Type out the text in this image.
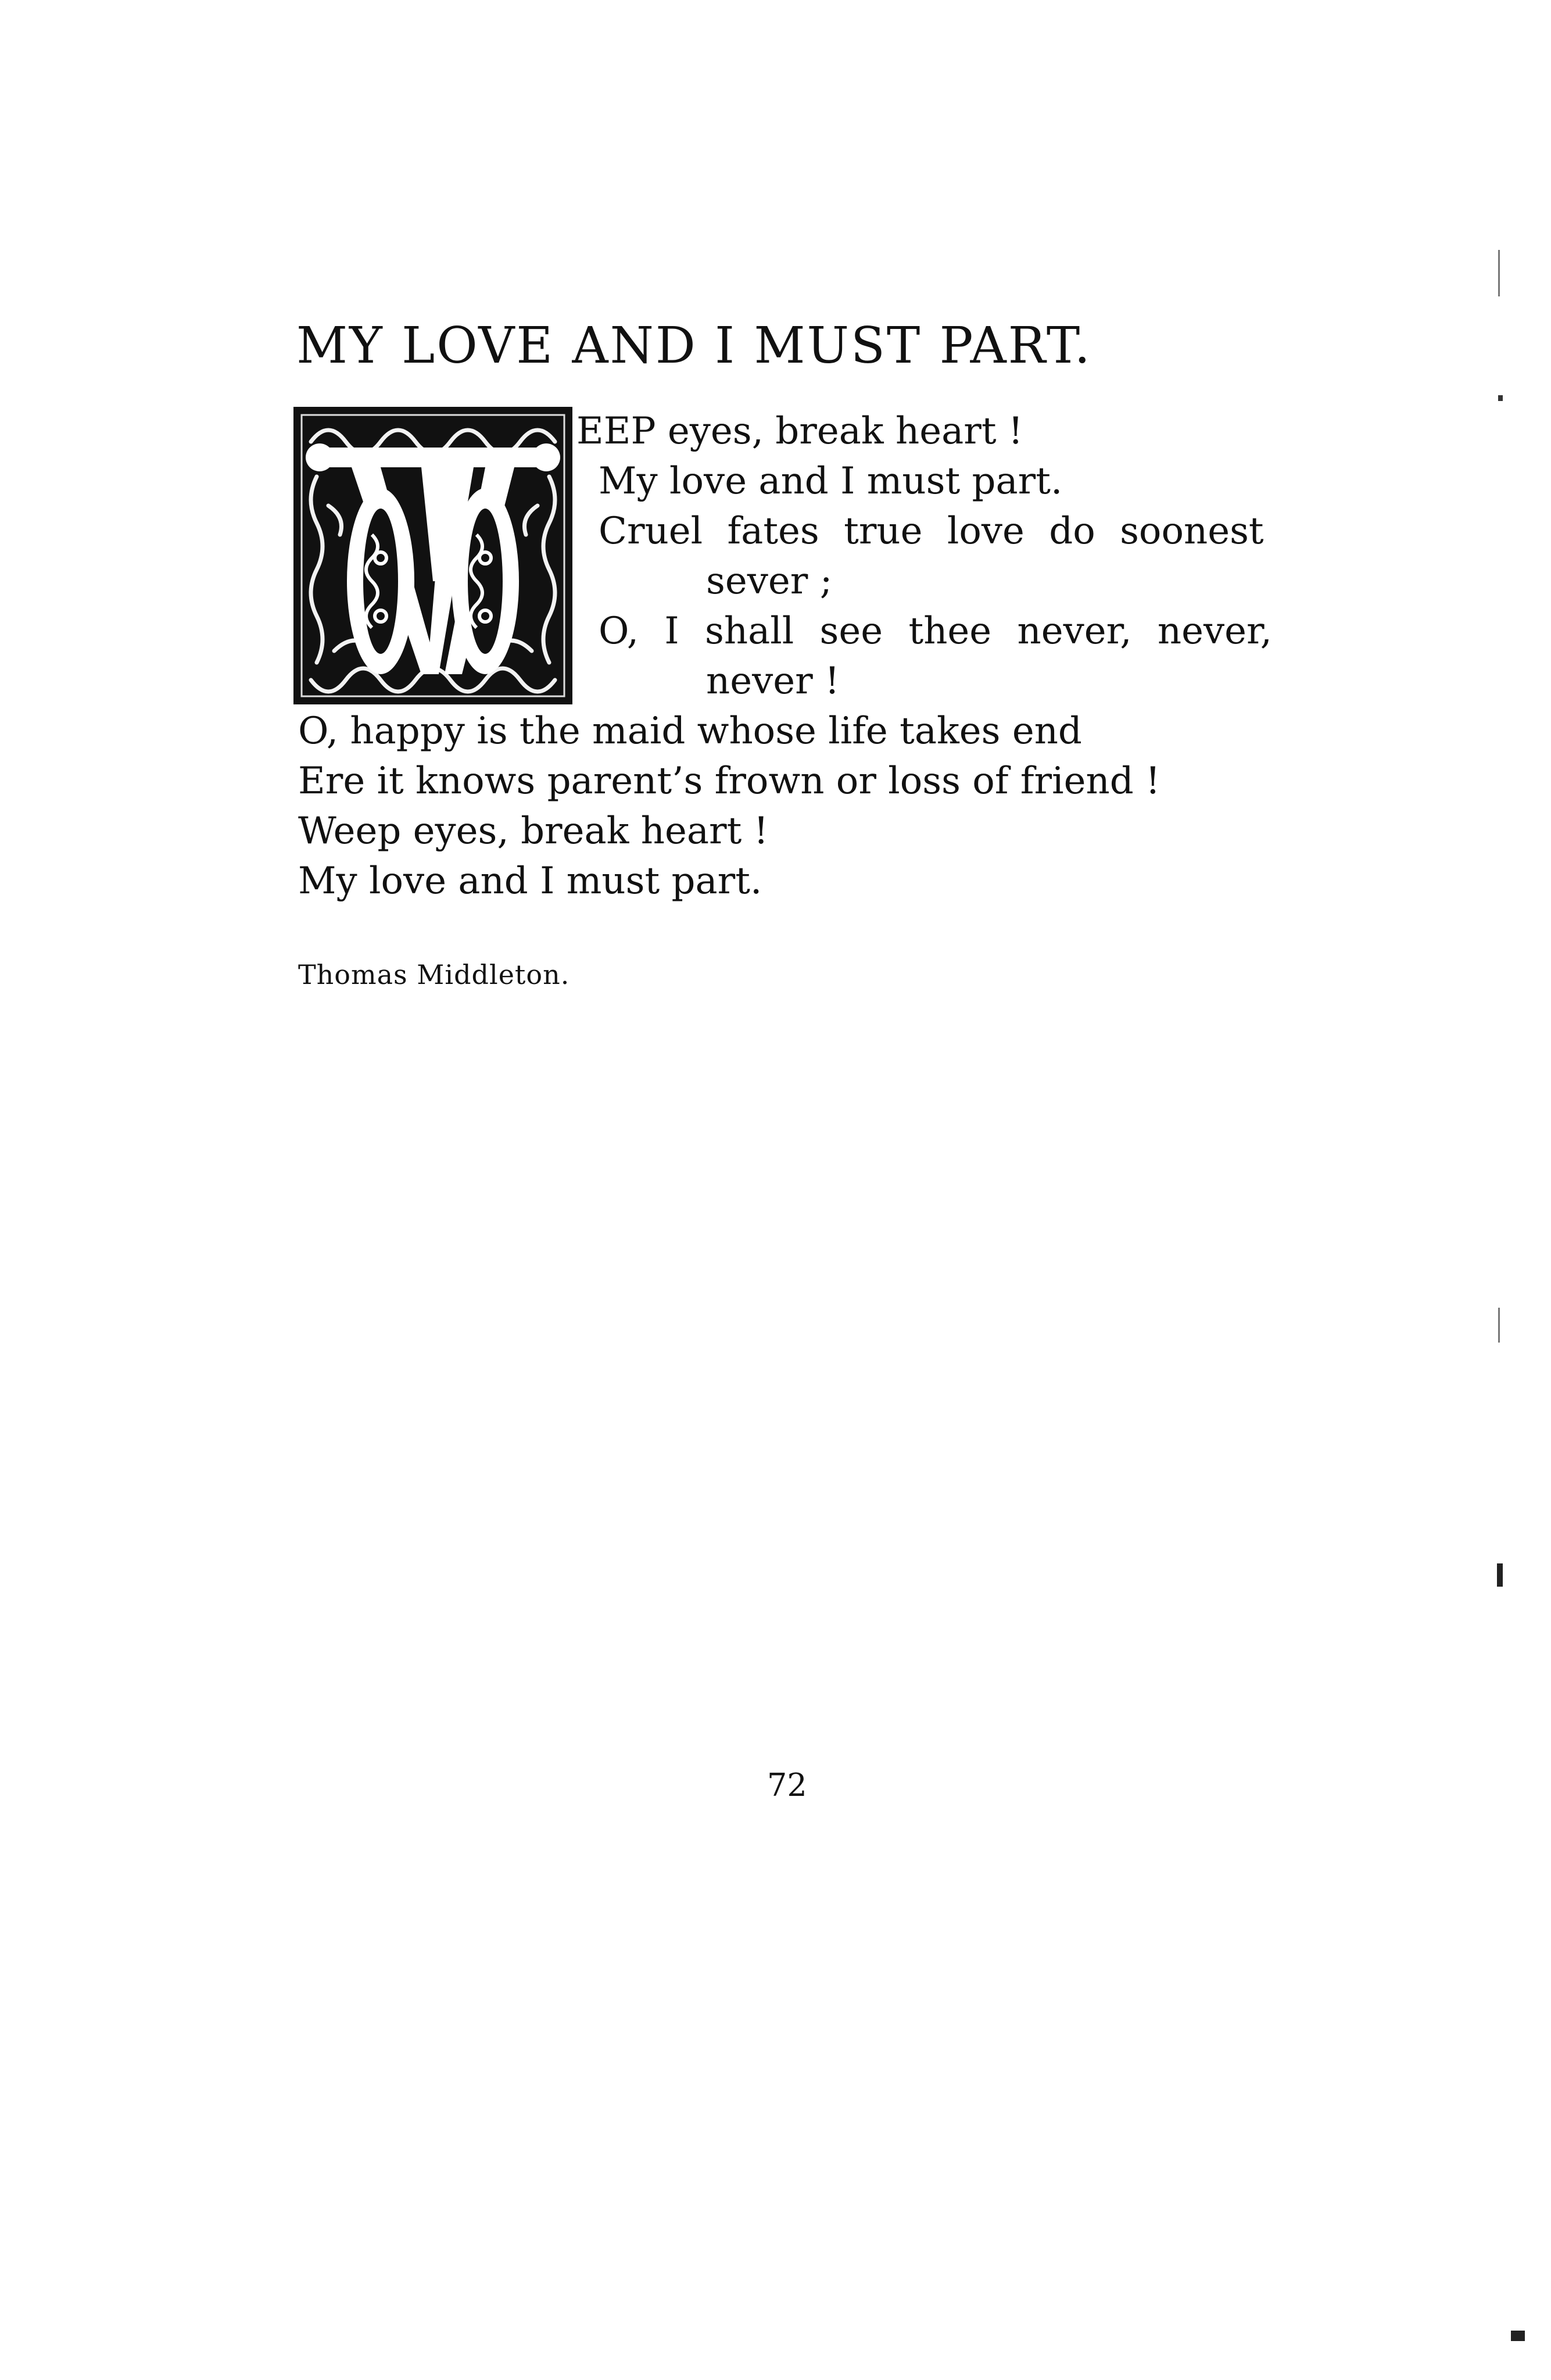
MY LOVE AND I MUST PART.
EEP eyes, break heart !
My love and I must part.
Cruel fates true love do soonest
sever ;
O, I shall see thee never, never,
never !
O, happy is the maid whose life takes end
Ere it knows parent’s frown or loss of friend !
Weep eyes, break heart !
My love and I must part.
Thomas Middleton.
72
